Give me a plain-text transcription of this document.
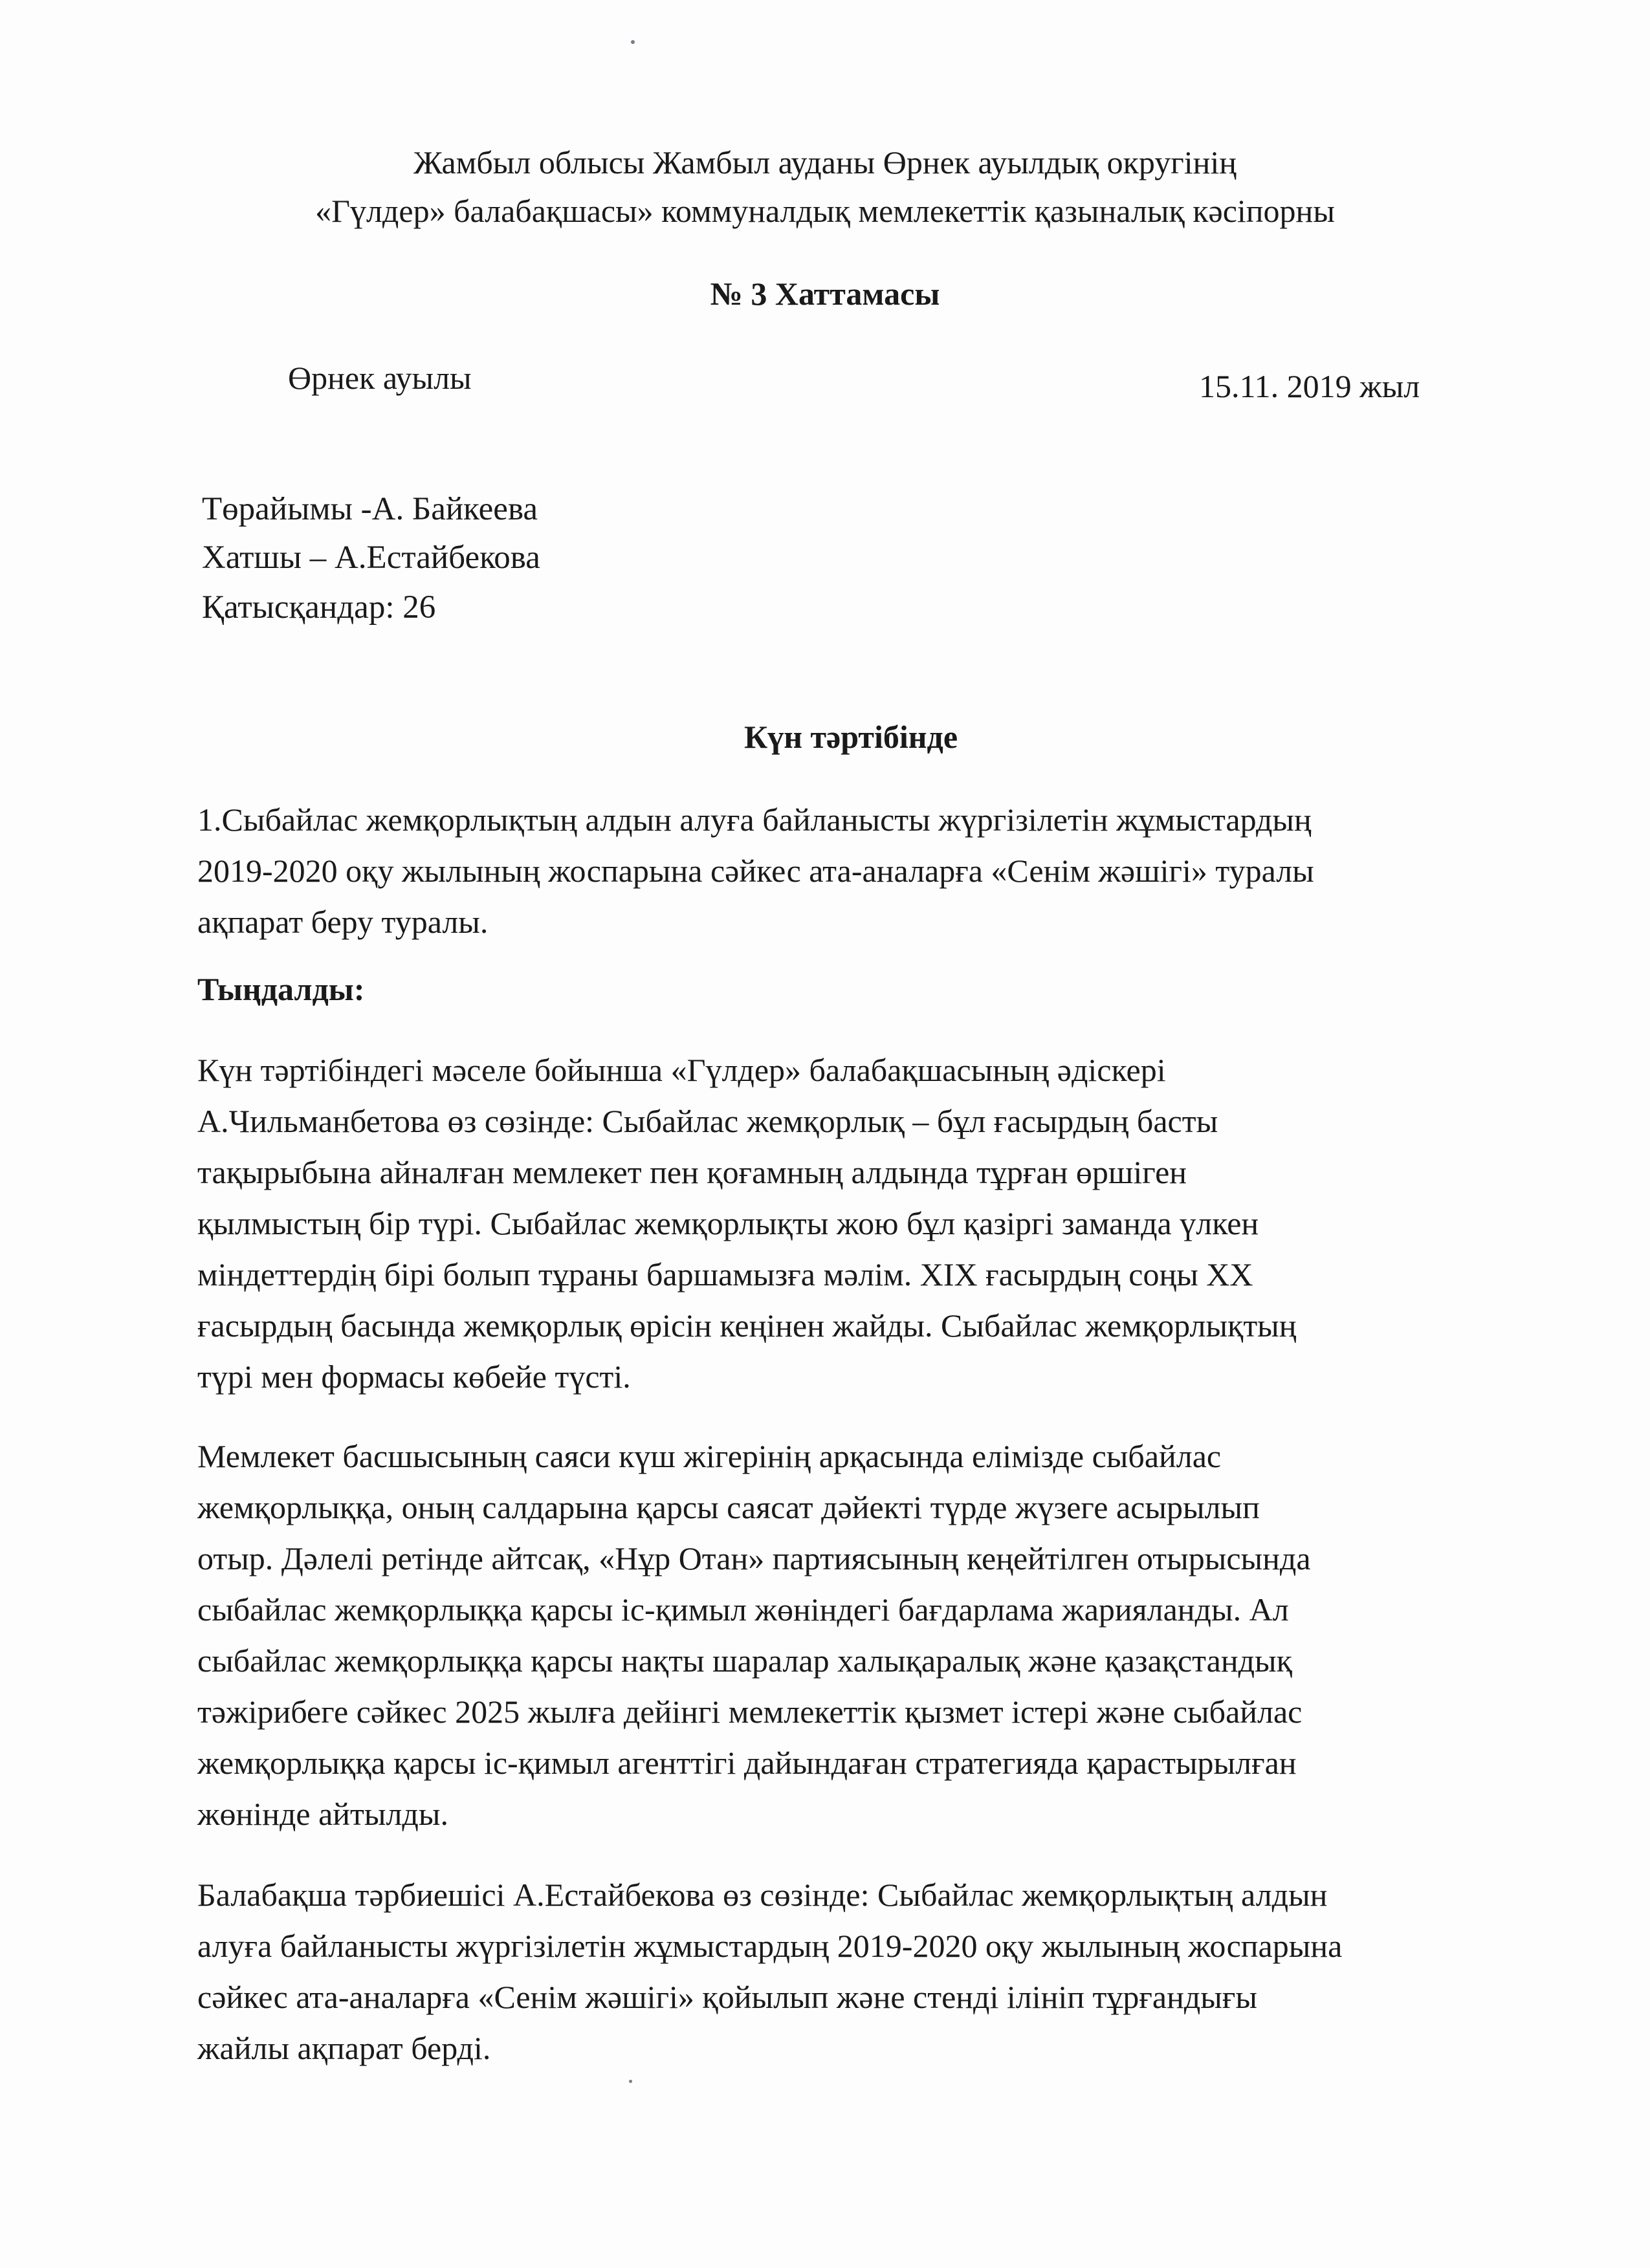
Жамбыл облысы Жамбыл ауданы Өрнек ауылдық округінің
«Гүлдер» балабақшасы» коммуналдық мемлекеттік қазыналық кәсіпорны
№ 3 Хаттамасы
Өрнек ауылы	15.11. 2019 жыл
Төрайымы -А. Байкеева
Хатшы – А.Естайбекова
Қатысқандар: 26
Күн тәртібінде
1.Сыбайлас жемқорлықтың алдын алуға байланысты жүргізілетін жұмыстардың
2019-2020 оқу жылының жоспарына сәйкес ата-аналарға «Сенім жәшігі» туралы
ақпарат беру туралы.
Тыңдалды:
Күн тәртібіндегі мәселе бойынша «Гүлдер» балабақшасының әдіскері
А.Чильманбетова өз сөзінде: Сыбайлас жемқорлық – бұл ғасырдың басты
тақырыбына айналған мемлекет пен қоғамның алдында тұрған өршіген
қылмыстың бір түрі. Сыбайлас жемқорлықты жою бұл қазіргі заманда үлкен
міндеттердің бірі болып тұраны баршамызға мәлім. XIX ғасырдың соңы XX
ғасырдың басында жемқорлық өрісін кеңінен жайды. Сыбайлас жемқорлықтың
түрі мен формасы көбейе түсті.
Мемлекет басшысының саяси күш жігерінің арқасында елімізде сыбайлас
жемқорлыққа, оның салдарына қарсы саясат дәйекті түрде жүзеге асырылып
отыр. Дәлелі ретінде айтсақ, «Нұр Отан» партиясының кеңейтілген отырысында
сыбайлас жемқорлыққа қарсы іс-қимыл жөніндегі бағдарлама жарияланды. Ал
сыбайлас жемқорлыққа қарсы нақты шаралар халықаралық және қазақстандық
тәжірибеге сәйкес 2025 жылға дейінгі мемлекеттік қызмет істері және сыбайлас
жемқорлыққа қарсы іс-қимыл агенттігі дайындаған стратегияда қарастырылған
жөнінде айтылды.
Балабақша тәрбиешісі А.Естайбекова өз сөзінде: Сыбайлас жемқорлықтың алдын
алуға байланысты жүргізілетін жұмыстардың 2019-2020 оқу жылының жоспарына
сәйкес ата-аналарға «Сенім жәшігі» қойылып және стенді ілініп тұрғандығы
жайлы ақпарат берді.
